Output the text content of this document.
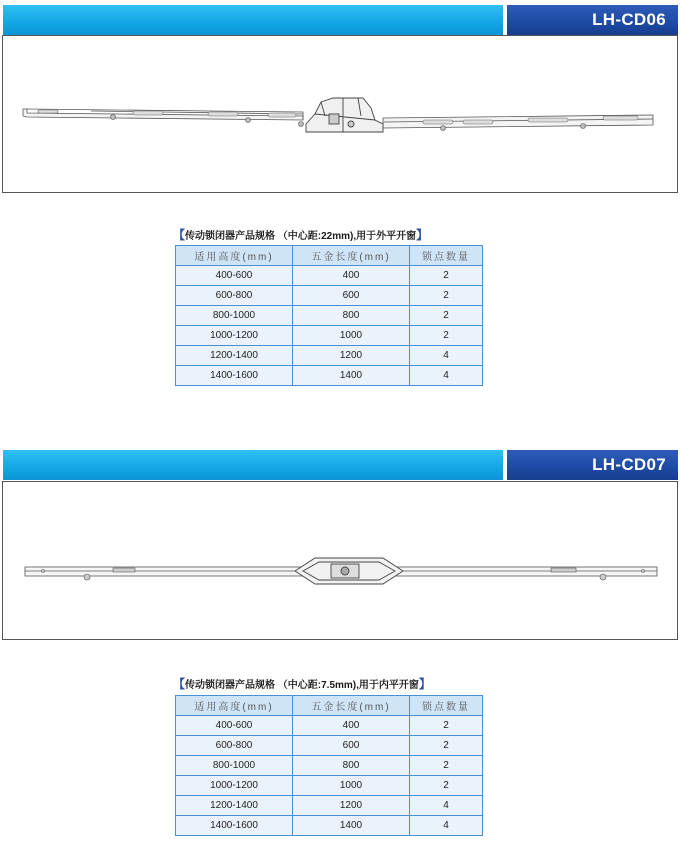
LH-CD06
【传动锁闭器产品规格 （中心距:22mm),用于外平开窗】
适用高度(mm)	五金长度(mm)	锁点数量
400-600	400	2
600-800	600	2
800-1000	800	2
1000-1200	1000	2
1200-1400	1200	4
1400-1600	1400	4
LH-CD07
【传动锁闭器产品规格 （中心距:7.5mm),用于内平开窗】
适用高度(mm)	五金长度(mm)	锁点数量
400-600	400	2
600-800	600	2
800-1000	800	2
1000-1200	1000	2
1200-1400	1200	4
1400-1600	1400	4
